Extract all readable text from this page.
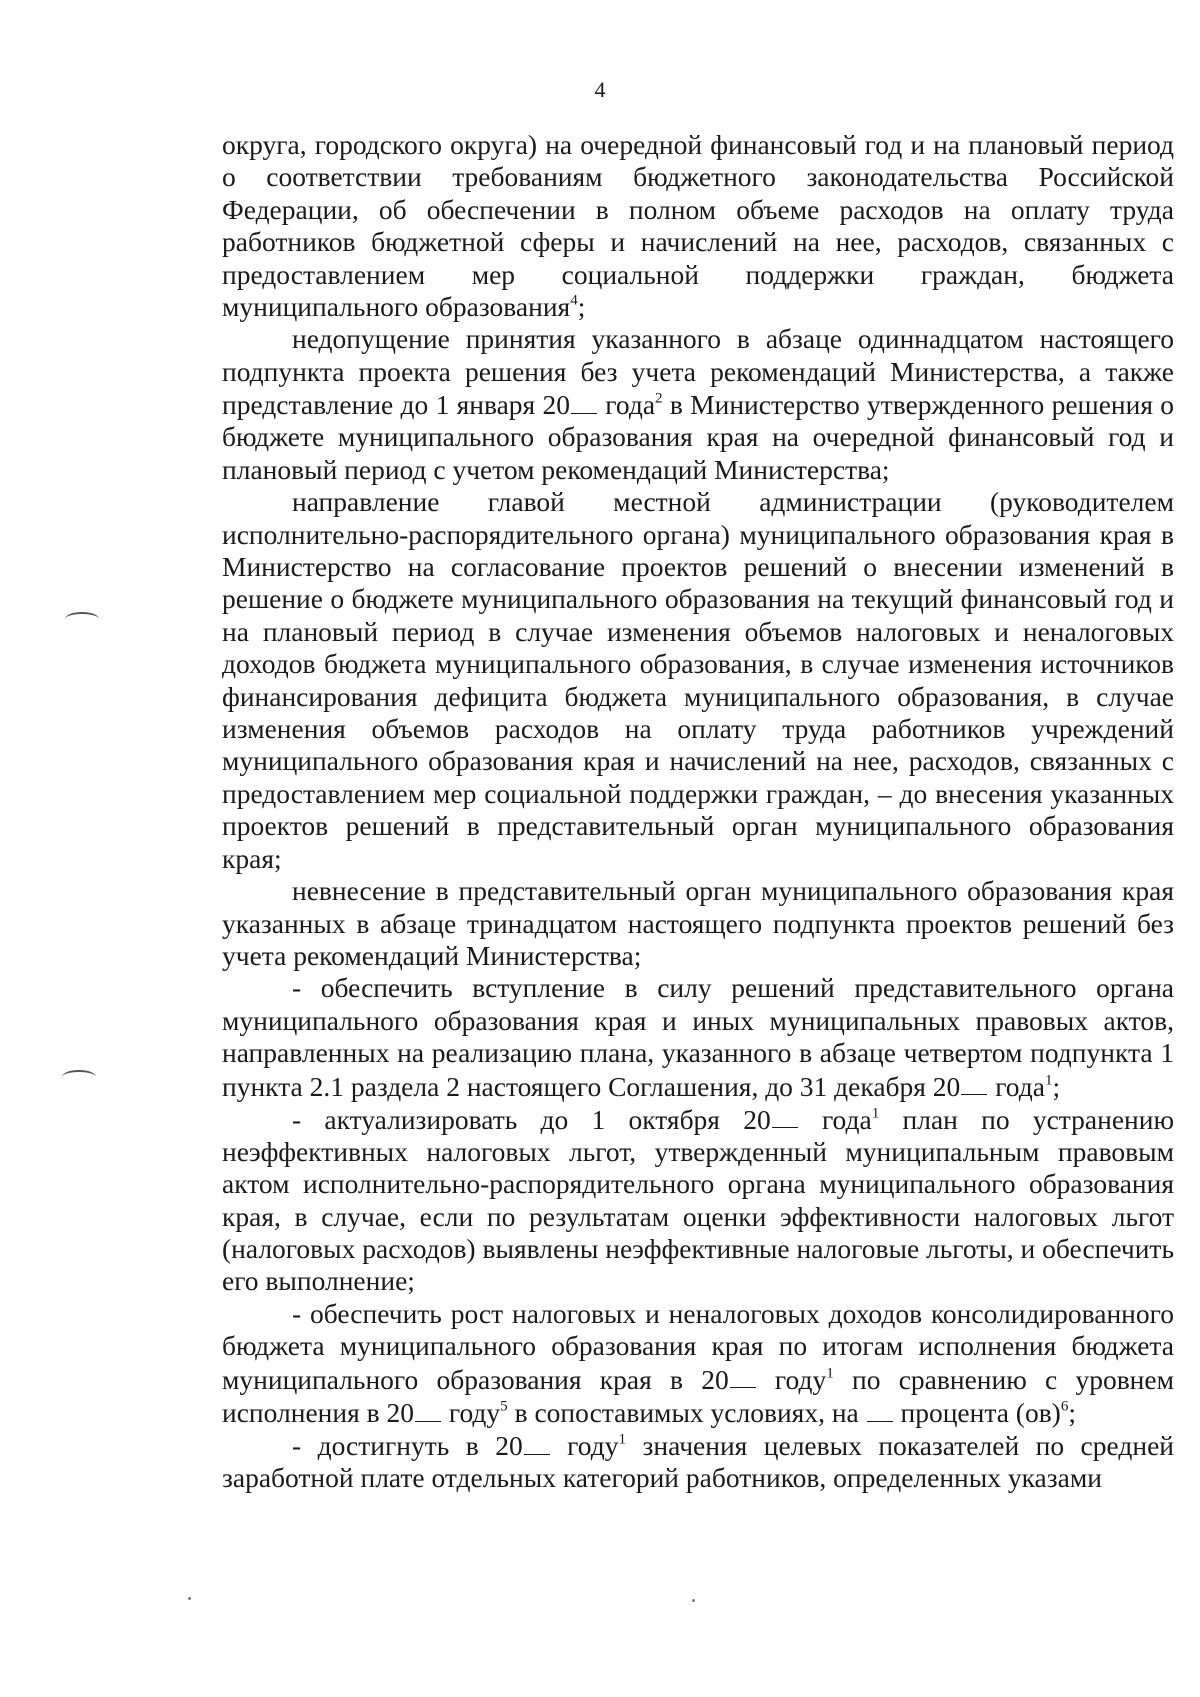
4

округа, городского округа) на очередной финансовый год и на плановый период о соответствии требованиям бюджетного законодательства Российской Федерации, об обеспечении в полном объеме расходов на оплату труда работников бюджетной сферы и начислений на нее, расходов, связанных с предоставлением мер социальной поддержки граждан, бюджета муниципального образования$^4$;

недопущение принятия указанного в абзаце одиннадцатом настоящего подпункта проекта решения без учета рекомендаций Министерства, а также представление до 1 января 20 года$^2$ в Министерство утвержденного решения о бюджете муниципального образования края на очередной финансовый год и плановый период с учетом рекомендаций Министерства;

направление главой местной администрации (руководителем исполнительно-распорядительного органа) муниципального образования края в Министерство на согласование проектов решений о внесении изменений в решение о бюджете муниципального образования на текущий финансовый год и на плановый период в случае изменения объемов налоговых и неналоговых доходов бюджета муниципального образования, в случае изменения источников финансирования дефицита бюджета муниципального образования, в случае изменения объемов расходов на оплату труда работников учреждений муниципального образования края и начислений на нее, расходов, связанных с предоставлением мер социальной поддержки граждан, – до внесения указанных проектов решений в представительный орган муниципального образования края;

невнесение в представительный орган муниципального образования края указанных в абзаце тринадцатом настоящего подпункта проектов решений без учета рекомендаций Министерства;

- обеспечить вступление в силу решений представительного органа муниципального образования края и иных муниципальных правовых актов, направленных на реализацию плана, указанного в абзаце четвертом подпункта 1 пункта 2.1 раздела 2 настоящего Соглашения, до 31 декабря 20 года$^1$;

- актуализировать до 1 октября 20 года$^1$ план по устранению неэффективных налоговых льгот, утвержденный муниципальным правовым актом исполнительно-распорядительного органа муниципального образования края, в случае, если по результатам оценки эффективности налоговых льгот (налоговых расходов) выявлены неэффективные налоговые льготы, и обеспечить его выполнение;

- обеспечить рост налоговых и неналоговых доходов консолидированного бюджета муниципального образования края по итогам исполнения бюджета муниципального образования края в 20 году$^1$ по сравнению с уровнем исполнения в 20 году$^5$ в сопоставимых условиях, на  процента (ов)$^6$;

- достигнуть в 20 году$^1$ значения целевых показателей по средней заработной плате отдельных категорий работников, определенных указами
